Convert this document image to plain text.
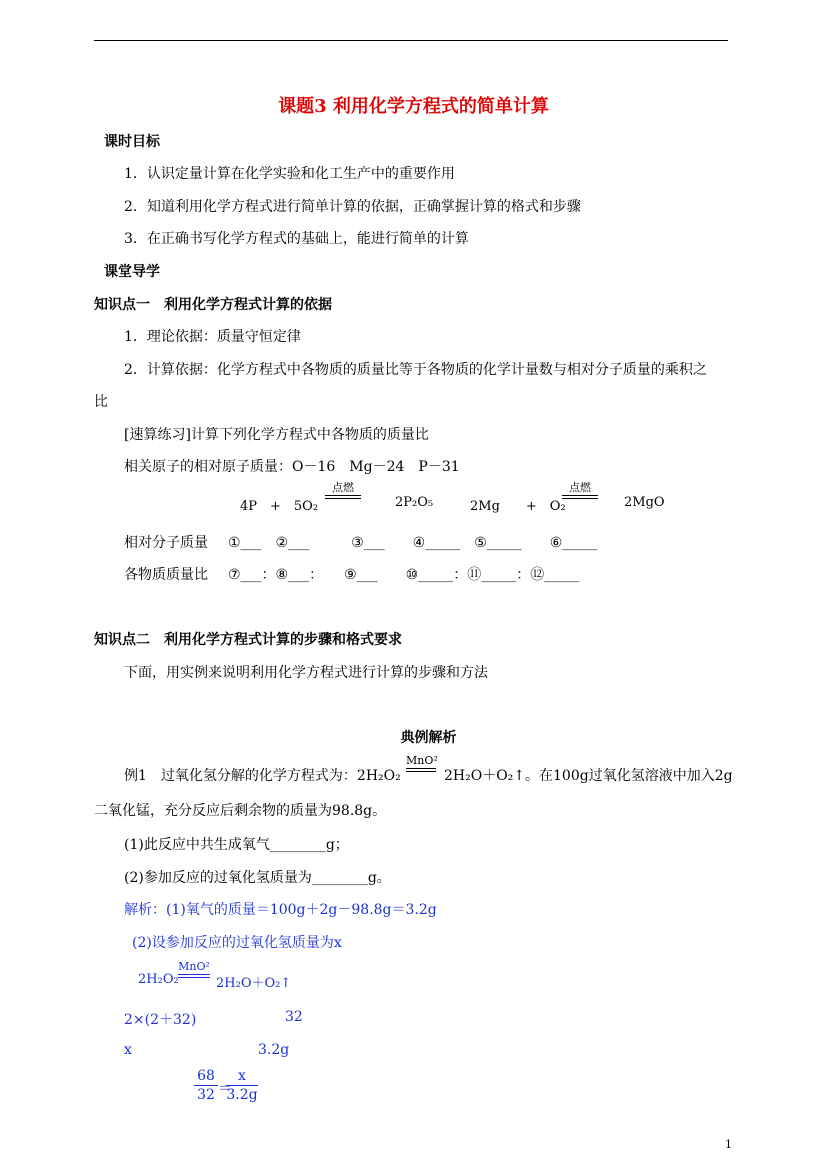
课题3 利用化学方程式的简单计算
课时目标
1．认识定量计算在化学实验和化工生产中的重要作用
2．知道利用化学方程式进行简单计算的依据，正确掌握计算的格式和步骤
3．在正确书写化学方程式的基础上，能进行简单的计算
课堂导学
知识点一　利用化学方程式计算的依据
1．理论依据：质量守恒定律
2．计算依据：化学方程式中各物质的质量比等于各物质的化学计量数与相对分子质量的乘积之
比
[速算练习]计算下列化学方程式中各物质的质量比
相关原子的相对原子质量：O－16　Mg－24　P－31
4P　+　5O₂
点燃
2P₂O₅	2Mg　　+　O₂
点燃
2MgO
相对分子质量 ①___　②___　　　③___　　④_____　⑤_____　　⑥_____
各物质质量比 ⑦___：⑧___：　　⑨___　　⑩_____：⑪_____：⑫_____
知识点二　利用化学方程式计算的步骤和格式要求
下面，用实例来说明利用化学方程式进行计算的步骤和方法
典例解析
例1　过氧化氢分解的化学方程式为：2H₂O₂
MnO²
2H₂O＋O₂↑。在100g过氧化氢溶液中加入2g
二氧化锰，充分反应后剩余物的质量为98.8g。
(1)此反应中共生成氧气________g；
(2)参加反应的过氧化氢质量为________g。
解析：(1)氧气的质量＝100g＋2g－98.8g＝3.2g
(2)设参加反应的过氧化氢质量为x
2H₂O₂
MnO²
2H₂O＋O₂↑
2×(2＋32)	32
x	3.2g
68
32 ＝
x
3.2g
1
